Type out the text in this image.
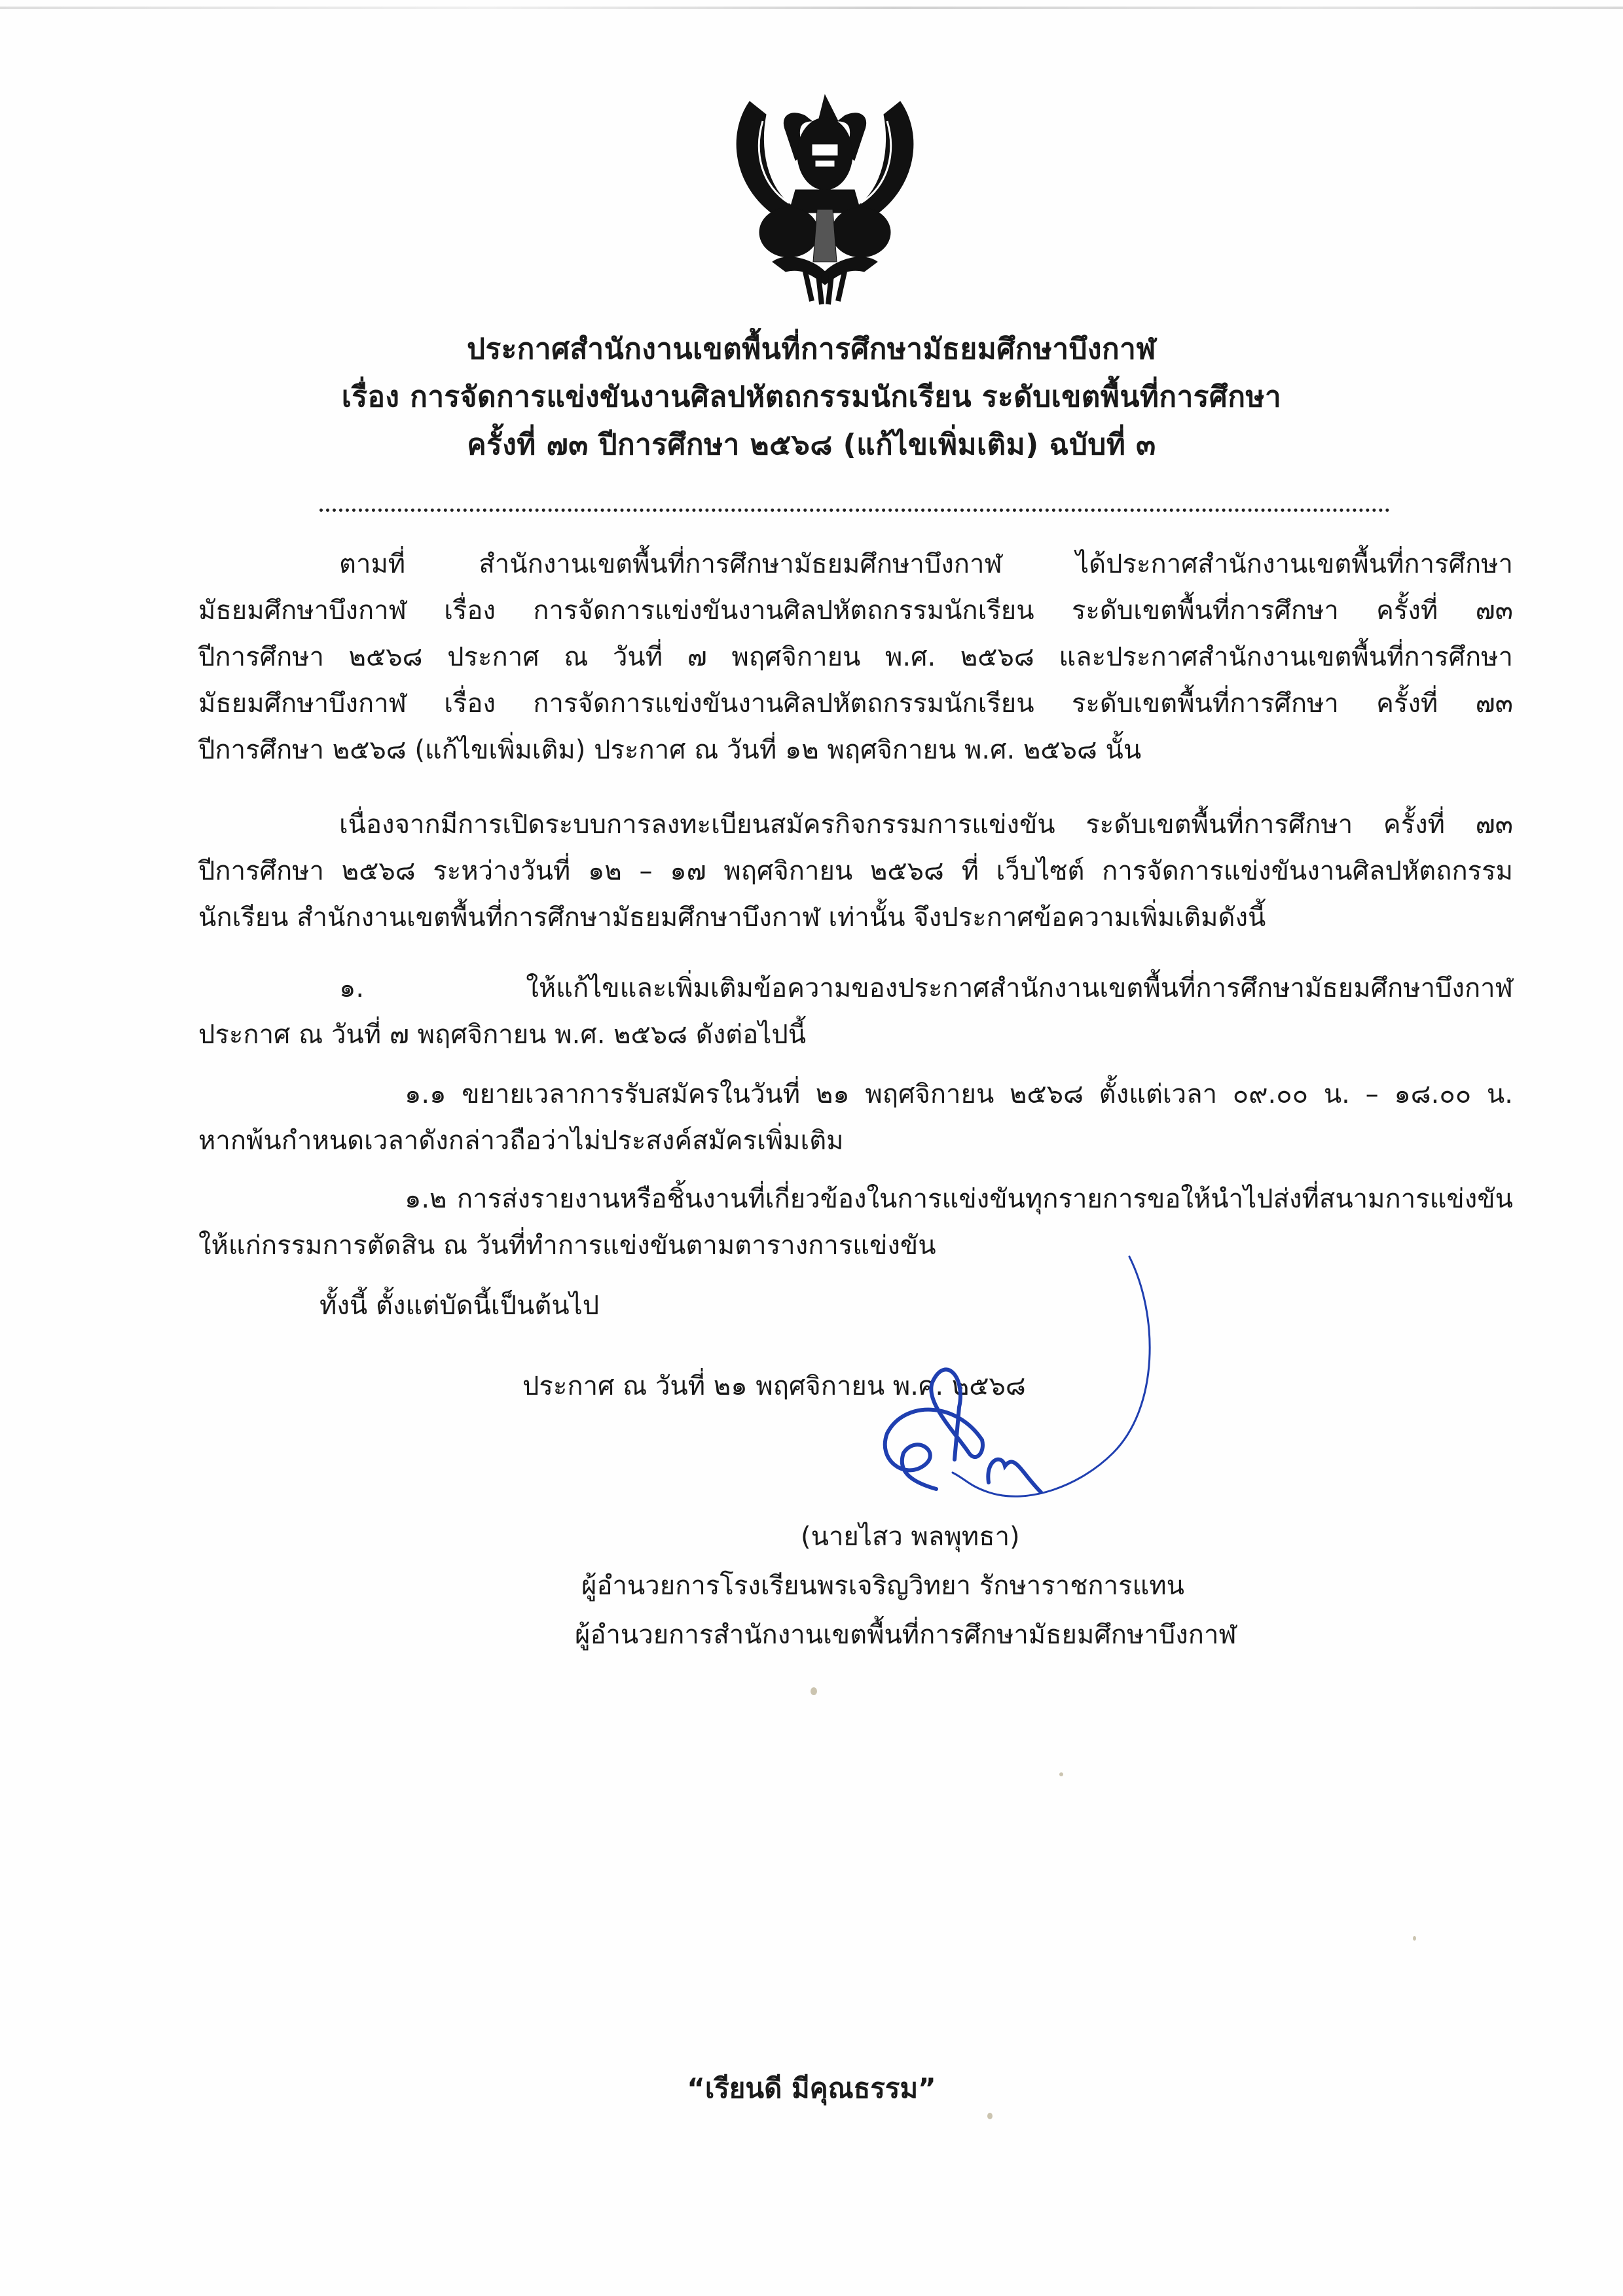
ประกาศสำนักงานเขตพื้นที่การศึกษามัธยมศึกษาบึงกาฬ
เรื่อง การจัดการแข่งขันงานศิลปหัตถกรรมนักเรียน ระดับเขตพื้นที่การศึกษา
ครั้งที่ ๗๓ ปีการศึกษา ๒๕๖๘ (แก้ไขเพิ่มเติม) ฉบับที่ ๓
ตามที่ สำนักงานเขตพื้นที่การศึกษามัธยมศึกษาบึงกาฬ ได้ประกาศสำนักงานเขตพื้นที่การศึกษา
มัธยมศึกษาบึงกาฬ เรื่อง การจัดการแข่งขันงานศิลปหัตถกรรมนักเรียน ระดับเขตพื้นที่การศึกษา ครั้งที่ ๗๓
ปีการศึกษา ๒๕๖๘ ประกาศ ณ วันที่ ๗ พฤศจิกายน พ.ศ. ๒๕๖๘ และประกาศสำนักงานเขตพื้นที่การศึกษา
มัธยมศึกษาบึงกาฬ เรื่อง การจัดการแข่งขันงานศิลปหัตถกรรมนักเรียน ระดับเขตพื้นที่การศึกษา ครั้งที่ ๗๓
ปีการศึกษา ๒๕๖๘ (แก้ไขเพิ่มเติม) ประกาศ ณ วันที่ ๑๒ พฤศจิกายน พ.ศ. ๒๕๖๘ นั้น
เนื่องจากมีการเปิดระบบการลงทะเบียนสมัครกิจกรรมการแข่งขัน ระดับเขตพื้นที่การศึกษา ครั้งที่ ๗๓
ปีการศึกษา ๒๕๖๘ ระหว่างวันที่ ๑๒ – ๑๗ พฤศจิกายน ๒๕๖๘ ที่ เว็บไซต์ การจัดการแข่งขันงานศิลปหัตถกรรม
นักเรียน สำนักงานเขตพื้นที่การศึกษามัธยมศึกษาบึงกาฬ เท่านั้น จึงประกาศข้อความเพิ่มเติมดังนี้
๑. ให้แก้ไขและเพิ่มเติมข้อความของประกาศสำนักงานเขตพื้นที่การศึกษามัธยมศึกษาบึงกาฬ
ประกาศ ณ วันที่ ๗ พฤศจิกายน พ.ศ. ๒๕๖๘ ดังต่อไปนี้
๑.๑ ขยายเวลาการรับสมัครในวันที่ ๒๑ พฤศจิกายน ๒๕๖๘ ตั้งแต่เวลา ๐๙.๐๐ น. – ๑๘.๐๐ น.
หากพ้นกำหนดเวลาดังกล่าวถือว่าไม่ประสงค์สมัครเพิ่มเติม
๑.๒ การส่งรายงานหรือชิ้นงานที่เกี่ยวข้องในการแข่งขันทุกรายการขอให้นำไปส่งที่สนามการแข่งขัน
ให้แก่กรรมการตัดสิน ณ วันที่ทำการแข่งขันตามตารางการแข่งขัน
ทั้งนี้ ตั้งแต่บัดนี้เป็นต้นไป
ประกาศ ณ วันที่ ๒๑ พฤศจิกายน พ.ศ. ๒๕๖๘
(นายไสว พลพุทธา)
ผู้อำนวยการโรงเรียนพรเจริญวิทยา รักษาราชการแทน
ผู้อำนวยการสำนักงานเขตพื้นที่การศึกษามัธยมศึกษาบึงกาฬ
“เรียนดี มีคุณธรรม”
